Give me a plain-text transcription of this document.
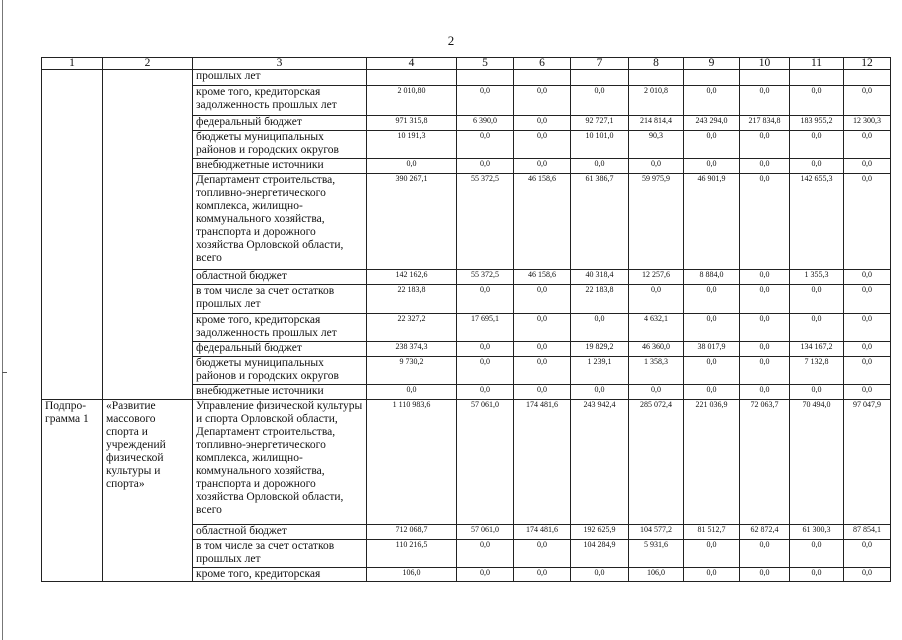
2
1	2	3	4	5	6	7	8	9	10	11	12
		прошлых лет									
		кроме того, кредиторская задолженность прошлых лет	2 010,80	0,0	0,0	0,0	2 010,8	0,0	0,0	0,0	0,0
		федеральный бюджет	971 315,8	6 390,0	0,0	92 727,1	214 814,4	243 294,0	217 834,8	183 955,2	12 300,3
		бюджеты муниципальных районов и городских округов	10 191,3	0,0	0,0	10 101,0	90,3	0,0	0,0	0,0	0,0
		внебюджетные источники	0,0	0,0	0,0	0,0	0,0	0,0	0,0	0,0	0,0
		Департамент строительства, топливно-энергетического комплекса, жилищно-коммунального хозяйства, транспорта и дорожного хозяйства Орловской области, всего	390 267,1	55 372,5	46 158,6	61 386,7	59 975,9	46 901,9	0,0	142 655,3	0,0
		областной бюджет	142 162,6	55 372,5	46 158,6	40 318,4	12 257,6	8 884,0	0,0	1 355,3	0,0
		в том числе за счет остатков прошлых лет	22 183,8	0,0	0,0	22 183,8	0,0	0,0	0,0	0,0	0,0
		кроме того, кредиторская задолженность прошлых лет	22 327,2	17 695,1	0,0	0,0	4 632,1	0,0	0,0	0,0	0,0
		федеральный бюджет	238 374,3	0,0	0,0	19 829,2	46 360,0	38 017,9	0,0	134 167,2	0,0
		бюджеты муниципальных районов и городских округов	9 730,2	0,0	0,0	1 239,1	1 358,3	0,0	0,0	7 132,8	0,0
		внебюджетные источники	0,0	0,0	0,0	0,0	0,0	0,0	0,0	0,0	0,0
Подпро-грамма 1	«Развитие массового спорта и учреждений физической культуры и спорта»	Управление физической культуры и спорта Орловской области, Департамент строительства, топливно-энергетического комплекса, жилищно-коммунального хозяйства, транспорта и дорожного хозяйства Орловской области, всего	1 110 983,6	57 061,0	174 481,6	243 942,4	285 072,4	221 036,9	72 063,7	70 494,0	97 047,9
		областной бюджет	712 068,7	57 061,0	174 481,6	192 625,9	104 577,2	81 512,7	62 872,4	61 300,3	87 854,1
		в том числе за счет остатков прошлых лет	110 216,5	0,0	0,0	104 284,9	5 931,6	0,0	0,0	0,0	0,0
		кроме того, кредиторская	106,0	0,0	0,0	0,0	106,0	0,0	0,0	0,0	0,0
